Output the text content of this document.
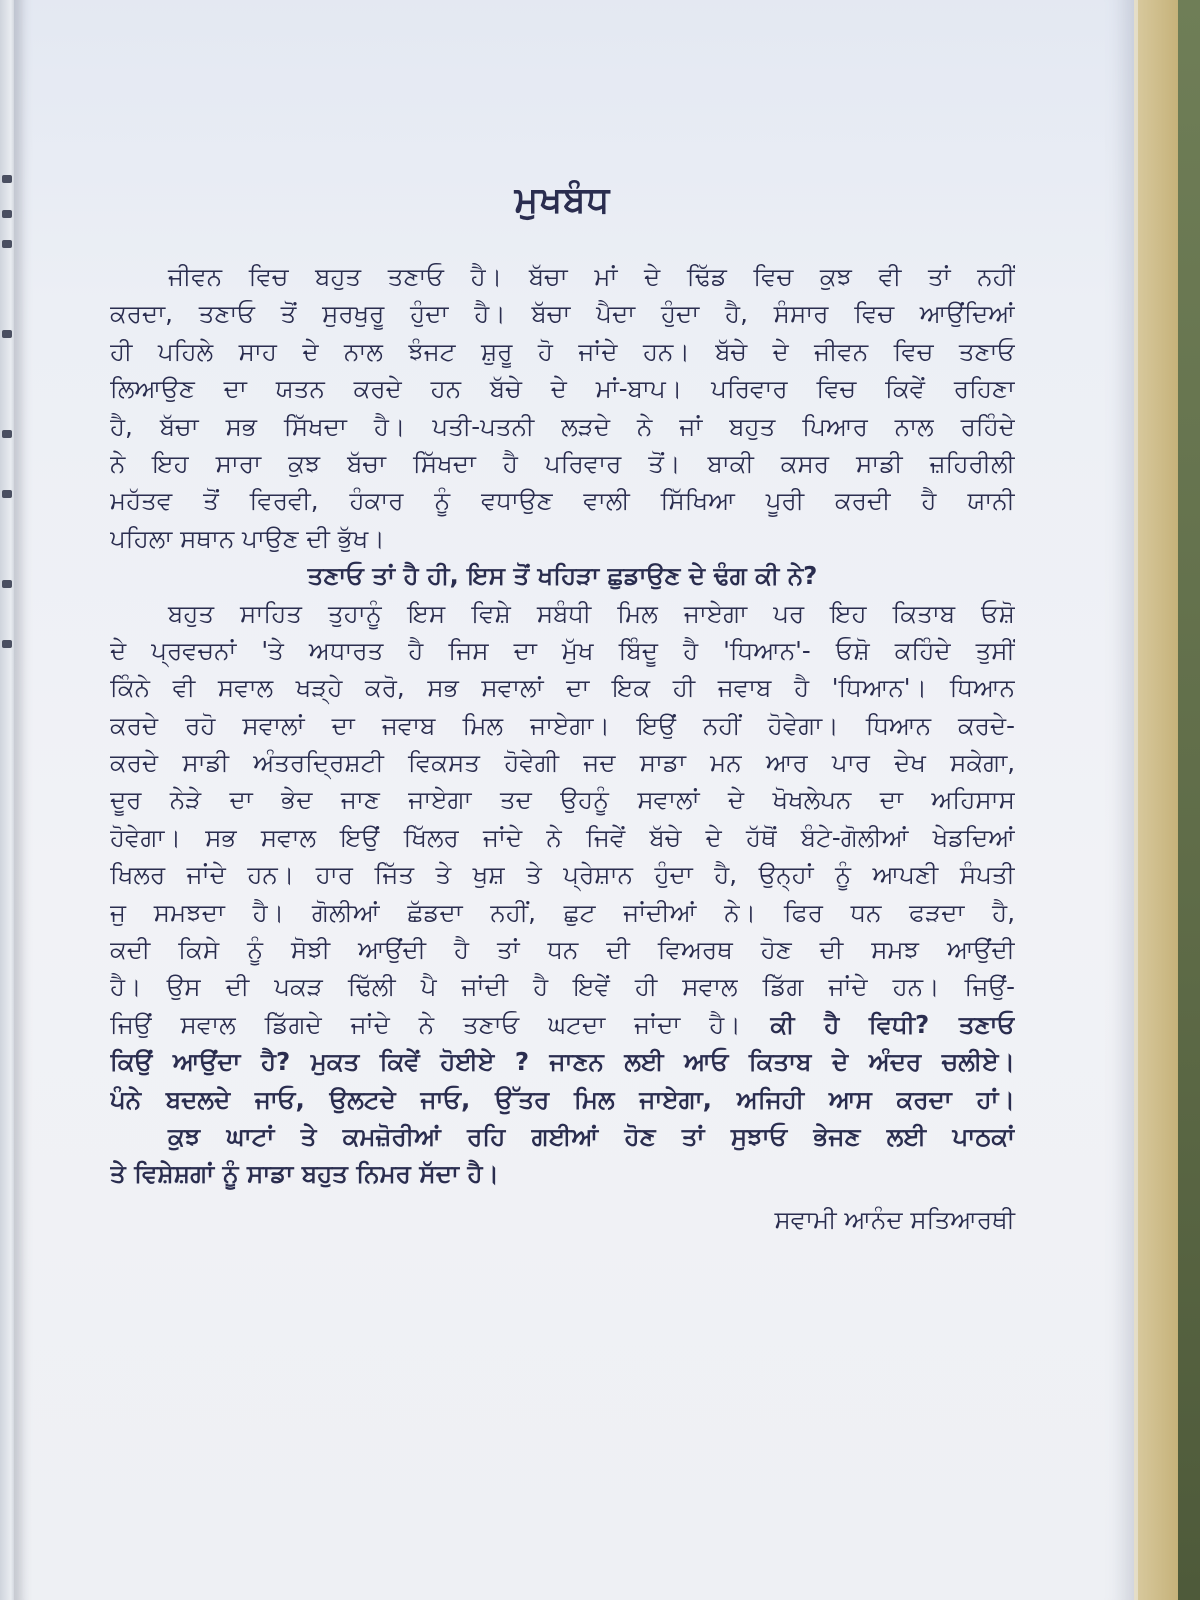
ਮੁਖਬੰਧ
ਜੀਵਨ ਵਿਚ ਬਹੁਤ ਤਣਾਓ ਹੈ। ਬੱਚਾ ਮਾਂ ਦੇ ਢਿੱਡ ਵਿਚ ਕੁਝ ਵੀ ਤਾਂ ਨਹੀਂ
ਕਰਦਾ, ਤਣਾਓ ਤੋਂ ਸੁਰਖੁਰੂ ਹੁੰਦਾ ਹੈ। ਬੱਚਾ ਪੈਦਾ ਹੁੰਦਾ ਹੈ, ਸੰਸਾਰ ਵਿਚ ਆਉਂਦਿਆਂ
ਹੀ ਪਹਿਲੇ ਸਾਹ ਦੇ ਨਾਲ ਝੰਜਟ ਸ਼ੁਰੂ ਹੋ ਜਾਂਦੇ ਹਨ। ਬੱਚੇ ਦੇ ਜੀਵਨ ਵਿਚ ਤਣਾਓ
ਲਿਆਉਣ ਦਾ ਯਤਨ ਕਰਦੇ ਹਨ ਬੱਚੇ ਦੇ ਮਾਂ-ਬਾਪ। ਪਰਿਵਾਰ ਵਿਚ ਕਿਵੇਂ ਰਹਿਣਾ
ਹੈ, ਬੱਚਾ ਸਭ ਸਿੱਖਦਾ ਹੈ। ਪਤੀ-ਪਤਨੀ ਲੜਦੇ ਨੇ ਜਾਂ ਬਹੁਤ ਪਿਆਰ ਨਾਲ ਰਹਿੰਦੇ
ਨੇ ਇਹ ਸਾਰਾ ਕੁਝ ਬੱਚਾ ਸਿੱਖਦਾ ਹੈ ਪਰਿਵਾਰ ਤੋਂ। ਬਾਕੀ ਕਸਰ ਸਾਡੀ ਜ਼ਹਿਰੀਲੀ
ਮਹੱਤਵ ਤੋਂ ਵਿਰਵੀ, ਹੰਕਾਰ ਨੂੰ ਵਧਾਉਣ ਵਾਲੀ ਸਿੱਖਿਆ ਪੂਰੀ ਕਰਦੀ ਹੈ ਯਾਨੀ
ਪਹਿਲਾ ਸਥਾਨ ਪਾਉਣ ਦੀ ਭੁੱਖ।
ਤਣਾਓ ਤਾਂ ਹੈ ਹੀ, ਇਸ ਤੋਂ ਖਹਿੜਾ ਛੁਡਾਉਣ ਦੇ ਢੰਗ ਕੀ ਨੇ?
ਬਹੁਤ ਸਾਹਿਤ ਤੁਹਾਨੂੰ ਇਸ ਵਿਸ਼ੇ ਸਬੰਧੀ ਮਿਲ ਜਾਏਗਾ ਪਰ ਇਹ ਕਿਤਾਬ ਓਸ਼ੋ
ਦੇ ਪ੍ਰਵਚਨਾਂ 'ਤੇ ਅਧਾਰਤ ਹੈ ਜਿਸ ਦਾ ਮੁੱਖ ਬਿੰਦੂ ਹੈ 'ਧਿਆਨ'- ਓਸ਼ੋ ਕਹਿੰਦੇ ਤੁਸੀਂ
ਕਿੰਨੇ ਵੀ ਸਵਾਲ ਖੜ੍ਹੇ ਕਰੋ, ਸਭ ਸਵਾਲਾਂ ਦਾ ਇਕ ਹੀ ਜਵਾਬ ਹੈ 'ਧਿਆਨ'। ਧਿਆਨ
ਕਰਦੇ ਰਹੋ ਸਵਾਲਾਂ ਦਾ ਜਵਾਬ ਮਿਲ ਜਾਏਗਾ। ਇਉਂ ਨਹੀਂ ਹੋਵੇਗਾ। ਧਿਆਨ ਕਰਦੇ-
ਕਰਦੇ ਸਾਡੀ ਅੰਤਰਦ੍ਰਿਸ਼ਟੀ ਵਿਕਸਤ ਹੋਵੇਗੀ ਜਦ ਸਾਡਾ ਮਨ ਆਰ ਪਾਰ ਦੇਖ ਸਕੇਗਾ,
ਦੂਰ ਨੇੜੇ ਦਾ ਭੇਦ ਜਾਣ ਜਾਏਗਾ ਤਦ ਉਹਨੂੰ ਸਵਾਲਾਂ ਦੇ ਖੋਖਲੇਪਨ ਦਾ ਅਹਿਸਾਸ
ਹੋਵੇਗਾ। ਸਭ ਸਵਾਲ ਇਉਂ ਖਿੱਲਰ ਜਾਂਦੇ ਨੇ ਜਿਵੇਂ ਬੱਚੇ ਦੇ ਹੱਥੋਂ ਬੰਟੇ-ਗੋਲੀਆਂ ਖੇਡਦਿਆਂ
ਖਿਲਰ ਜਾਂਦੇ ਹਨ। ਹਾਰ ਜਿੱਤ ਤੇ ਖੁਸ਼ ਤੇ ਪ੍ਰੇਸ਼ਾਨ ਹੁੰਦਾ ਹੈ, ਉਨ੍ਹਾਂ ਨੂੰ ਆਪਣੀ ਸੰਪਤੀ
ਜੁ ਸਮਝਦਾ ਹੈ। ਗੋਲੀਆਂ ਛੱਡਦਾ ਨਹੀਂ, ਛੁਟ ਜਾਂਦੀਆਂ ਨੇ। ਫਿਰ ਧਨ ਫੜਦਾ ਹੈ,
ਕਦੀ ਕਿਸੇ ਨੂੰ ਸੋਝੀ ਆਉਂਦੀ ਹੈ ਤਾਂ ਧਨ ਦੀ ਵਿਅਰਥ ਹੋਣ ਦੀ ਸਮਝ ਆਉਂਦੀ
ਹੈ। ਉਸ ਦੀ ਪਕੜ ਢਿੱਲੀ ਪੈ ਜਾਂਦੀ ਹੈ ਇਵੇਂ ਹੀ ਸਵਾਲ ਡਿੱਗ ਜਾਂਦੇ ਹਨ। ਜਿਉਂ-
ਜਿਉਂ ਸਵਾਲ ਡਿੱਗਦੇ ਜਾਂਦੇ ਨੇ ਤਣਾਓ ਘਟਦਾ ਜਾਂਦਾ ਹੈ। ਕੀ ਹੈ ਵਿਧੀ? ਤਣਾਓ
ਕਿਉਂ ਆਉਂਦਾ ਹੈ? ਮੁਕਤ ਕਿਵੇਂ ਹੋਈਏ ? ਜਾਣਨ ਲਈ ਆਓ ਕਿਤਾਬ ਦੇ ਅੰਦਰ ਚਲੀਏ।
ਪੰਨੇ ਬਦਲਦੇ ਜਾਓ, ਉਲਟਦੇ ਜਾਓ, ਉੱਤਰ ਮਿਲ ਜਾਏਗਾ, ਅਜਿਹੀ ਆਸ ਕਰਦਾ ਹਾਂ।
ਕੁਝ ਘਾਟਾਂ ਤੇ ਕਮਜ਼ੋਰੀਆਂ ਰਹਿ ਗਈਆਂ ਹੋਣ ਤਾਂ ਸੁਝਾਓ ਭੇਜਣ ਲਈ ਪਾਠਕਾਂ
ਤੇ ਵਿਸ਼ੇਸ਼ਗਾਂ ਨੂੰ ਸਾਡਾ ਬਹੁਤ ਨਿਮਰ ਸੱਦਾ ਹੈ।
ਸਵਾਮੀ ਆਨੰਦ ਸਤਿਆਰਥੀ
